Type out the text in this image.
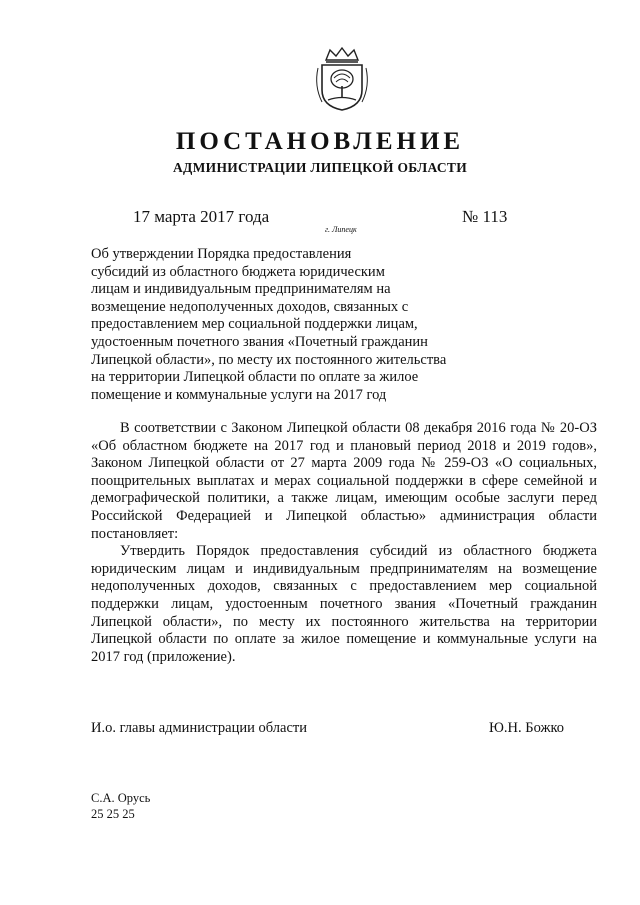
ПОСТАНОВЛЕНИЕ
АДМИНИСТРАЦИИ ЛИПЕЦКОЙ ОБЛАСТИ
17 марта 2017 года
г. Липецк
№ 113
Об утверждении Порядка предоставления
субсидий из областного бюджета юридическим
лицам и индивидуальным предпринимателям на
возмещение недополученных доходов, связанных с
предоставлением мер социальной поддержки лицам,
удостоенным почетного звания «Почетный гражданин
Липецкой области», по месту их постоянного жительства
на территории Липецкой области по оплате за жилое
помещение и коммунальные услуги на 2017 год

В соответствии с Законом Липецкой области 08 декабря 2016 года № 20-ОЗ «Об областном бюджете на 2017 год и плановый период 2018 и 2019 годов», Законом Липецкой области от 27 марта 2009 года № 259-ОЗ «О социальных, поощрительных выплатах и мерах социальной поддержки в сфере семейной и демографической политики, а также лицам, имеющим особые заслуги перед Российской Федерацией и Липецкой областью» администрация области постановляет:

Утвердить Порядок предоставления субсидий из областного бюджета юридическим лицам и индивидуальным предпринимателям на возмещение недополученных доходов, связанных с предоставлением мер социальной поддержки лицам, удостоенным почетного звания «Почетный гражданин Липецкой области», по месту их постоянного жительства на территории Липецкой области по оплате за жилое помещение и коммунальные услуги на 2017 год (приложение).

И.о. главы администрации области	Ю.Н. Божко
С.А. Орусь
25 25 25
